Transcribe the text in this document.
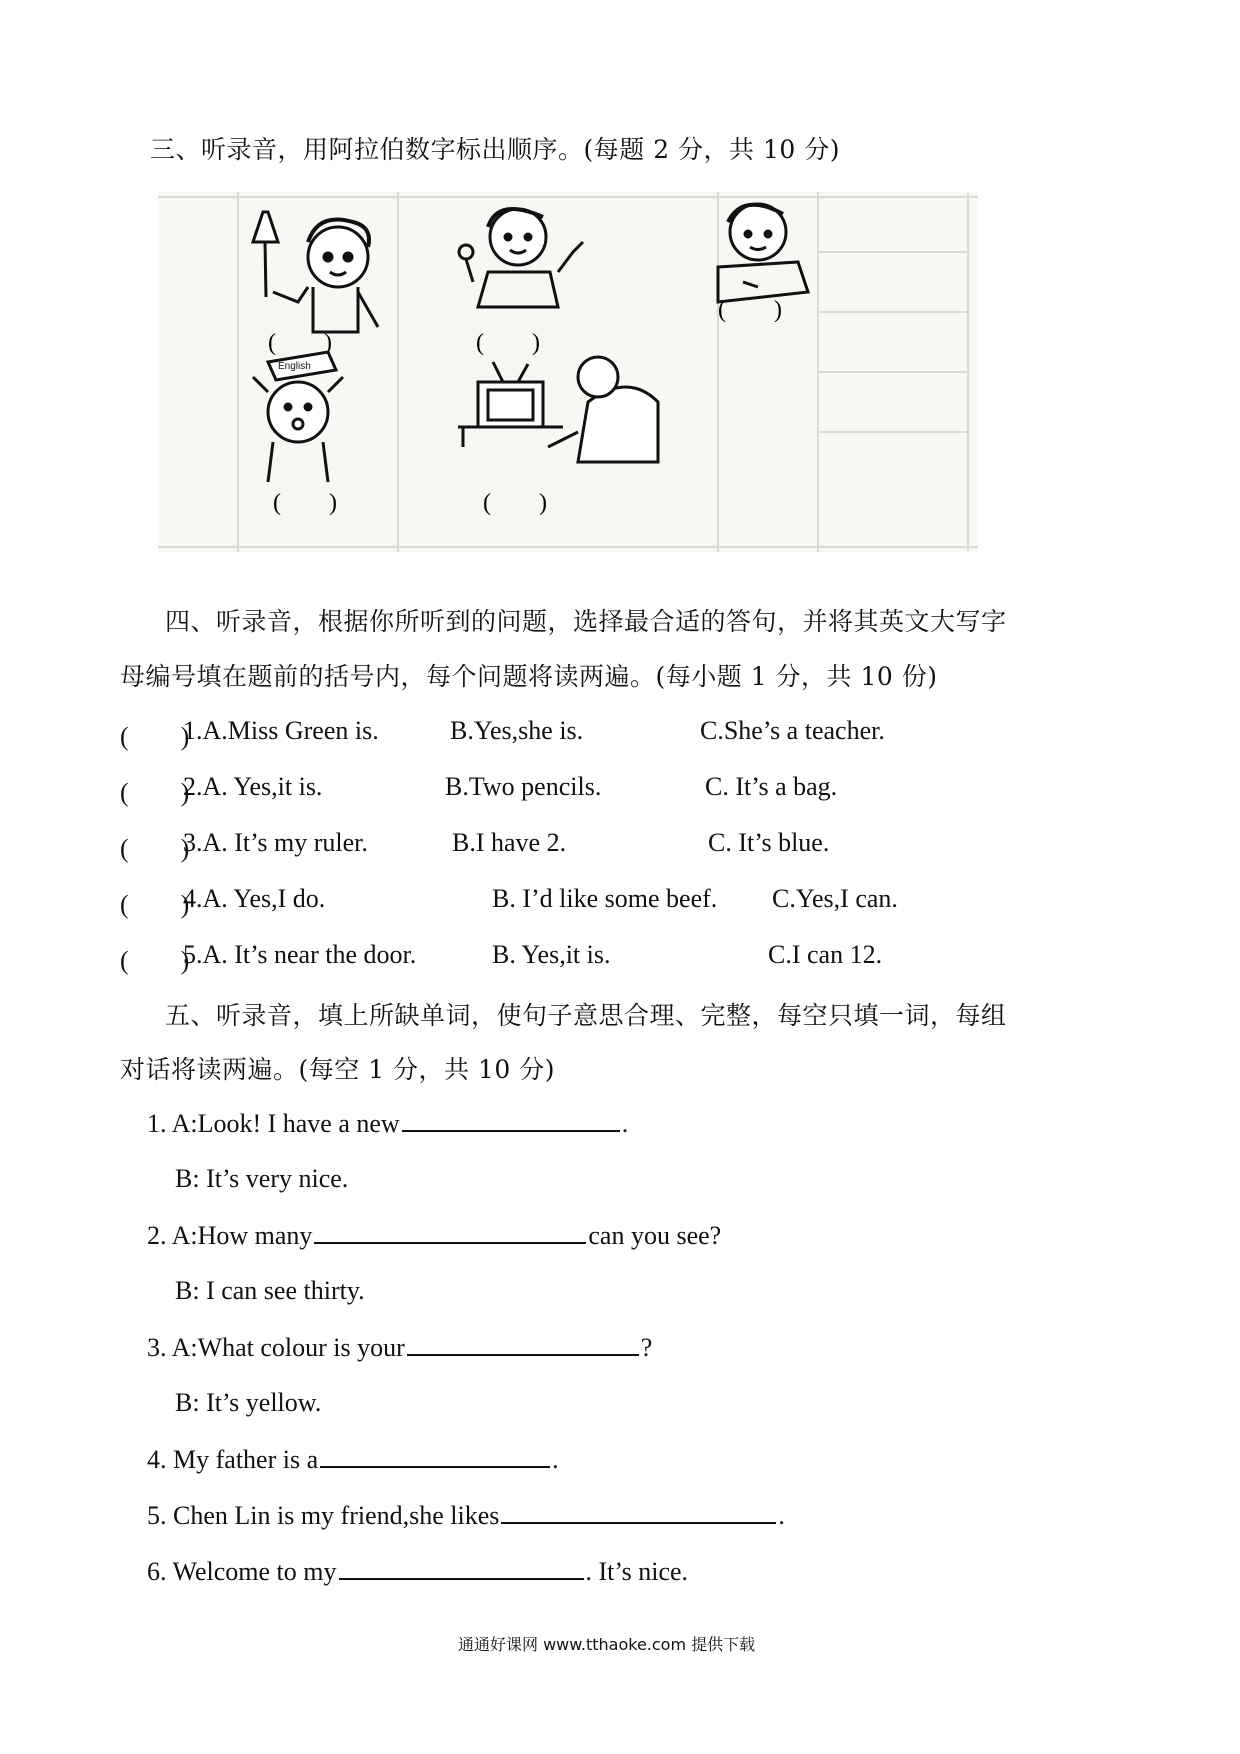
三、听录音，用阿拉伯数字标出顺序。(每题 2 分，共 10 分)
(　　)	(　　)
(　　)
English
(　　)	(　　)
四、听录音，根据你所听到的问题，选择最合适的答句，并将其英文大写字
母编号填在题前的括号内，每个问题将读两遍。(每小题 1 分，共 10 份)
(　　)
1.A.Miss Green is.	B.Yes,she is.	C.She’s a teacher.
(　　)
2.A. Yes,it is.	B.Two pencils.	C. It’s a bag.
(　　)
3.A. It’s my ruler.	B.I have 2.	C. It’s blue.
(　　)
4.A. Yes,I do.	B. I’d like some beef. C.Yes,I can.
(　　)
5.A. It’s near the door.	B. Yes,it is.	C.I can 12.
五、听录音，填上所缺单词，使句子意思合理、完整，每空只填一词，每组
对话将读两遍。(每空 1 分，共 10 分)
1. A:Look! I have a new	.
B: It’s very nice.
2. A:How many	can you see?
B: I can see thirty.
3. A:What colour is your	?
B: It’s yellow.
4. My father is a	.
5. Chen Lin is my friend,she likes	.
6. Welcome to my	. It’s nice.
通通好课网 www.tthaoke.com 提供下载
